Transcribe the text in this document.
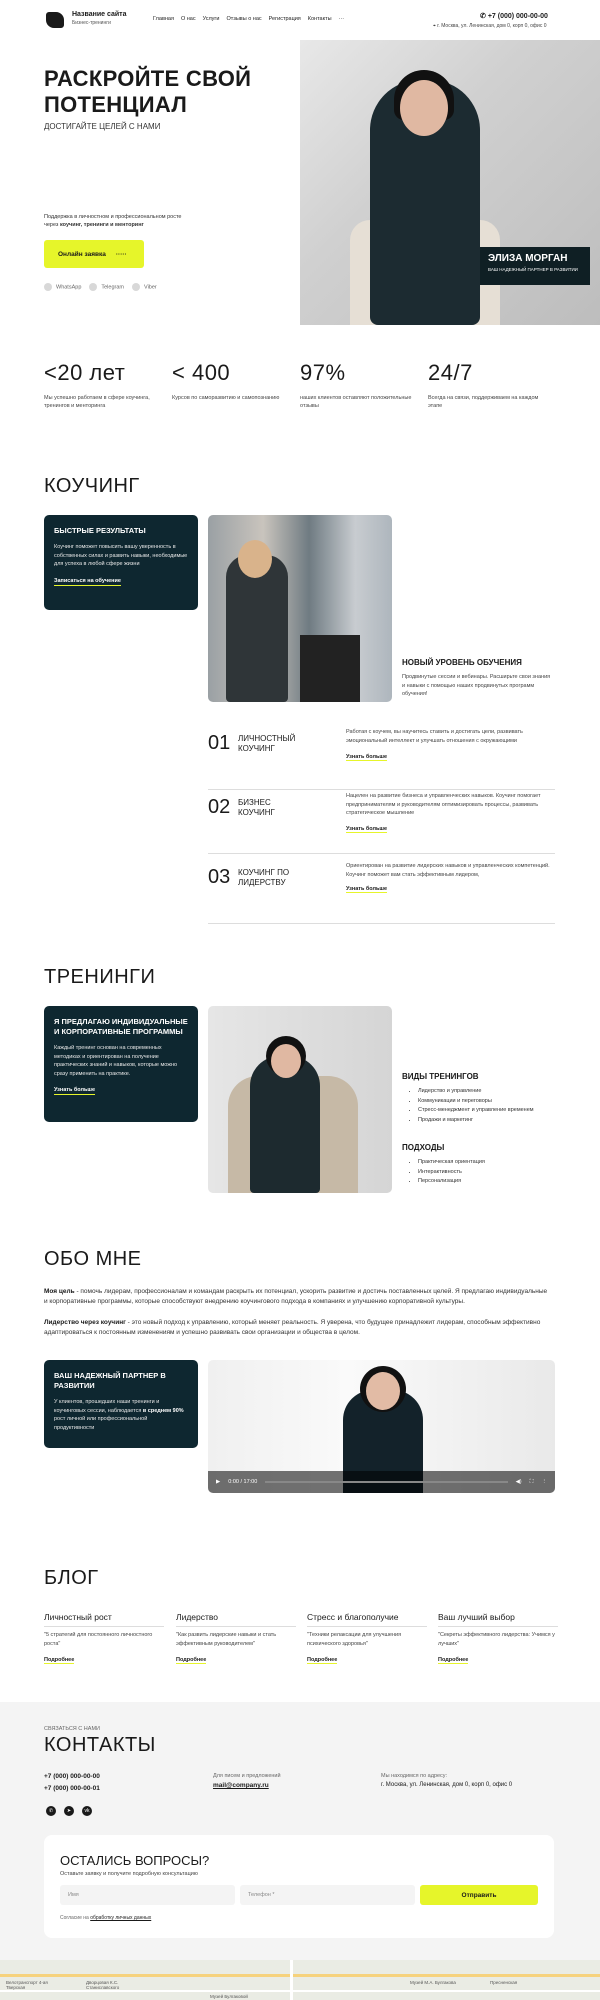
Название сайта
Бизнес-тренинги
Главная О нас Услуги Отзывы о нас Регистрация Контакты ···	✆ +7 (000) 000-00-00
⌖ г. Москва, ул. Ленинская, дом 0, корп 0, офис 0
РАСКРОЙТЕ СВОЙ ПОТЕНЦИАЛ
ДОСТИГАЙТЕ ЦЕЛЕЙ С НАМИ

Поддержка в личностном и профессиональном росте через коучинг, тренинги и менторинг

Онлайн заявка ·····
WhatsApp	Telegram	Viber
ЭЛИЗА МОРГАН
ВАШ НАДЕЖНЫЙ ПАРТНЕР В РАЗВИТИИ
<20 лет
Мы успешно работаем в сфере коучинга, тренингов и менторинга
< 400
Курсов по саморазвитию и самопознанию
97%
наших клиентов оставляют положительные отзывы
24/7
Всегда на связи, поддерживаем на каждом этапе
КОУЧИНГ
БЫСТРЫЕ РЕЗУЛЬТАТЫ
Коучинг поможет повысить вашу уверенность в собственных силах и развить навыки, необходимые для успеха в любой сфере жизни
Записаться на обучение
НОВЫЙ УРОВЕНЬ ОБУЧЕНИЯ
Продвинутые сессии и вебинары. Расширьте свои знания и навыки с помощью наших продвинутых программ обучения!
01 ЛИЧНОСТНЫЙ КОУЧИНГ
Работая с коучем, вы научитесь ставить и достигать цели, развивать эмоциональный интеллект и улучшать отношения с окружающими
Узнать больше
02 БИЗНЕС КОУЧИНГ
Нацелен на развитие бизнеса и управленческих навыков. Коучинг помогает предпринимателям и руководителям оптимизировать процессы, развивать стратегическое мышление
Узнать больше
03 КОУЧИНГ ПО ЛИДЕРСТВУ
Ориентирован на развитие лидерских навыков и управленческих компетенций. Коучинг поможет вам стать эффективным лидером,
Узнать больше
ТРЕНИНГИ
Я ПРЕДЛАГАЮ ИНДИВИДУАЛЬНЫЕ И КОРПОРАТИВНЫЕ ПРОГРАММЫ
Каждый тренинг основан на современных методиках и ориентирован на получение практических знаний и навыков, которые можно сразу применить на практике.
Узнать больше
ВИДЫ ТРЕНИНГОВ
• Лидерство и управление
• Коммуникации и переговоры
• Стресс-менеджмент и управление временем
• Продажи и маркетинг
ПОДХОДЫ
• Практическая ориентация
• Интерактивность
• Персонализация
ОБО МНЕ

Моя цель - помочь лидерам, профессионалам и командам раскрыть их потенциал, ускорить развитие и достичь поставленных целей. Я предлагаю индивидуальные и корпоративные программы, которые способствуют внедрению коучингового подхода в компаниях и улучшению корпоративной культуры.

Лидерство через коучинг - это новый подход к управлению, который меняет реальность. Я уверена, что будущее принадлежит лидерам, способным эффективно адаптироваться к постоянным изменениям и успешно развивать свои организации и общества в целом.

ВАШ НАДЕЖНЫЙ ПАРТНЕР В РАЗВИТИИ
У клиентов, прошедших наши тренинги и коучинговых сессии, наблюдается в среднем 90% рост личной или профессиональной продуктивности
▶ 0:00 / 17:00	◀) ⛶ ⋮
БЛОГ
Личностный рост
"5 стратегий для постоянного личностного роста"
Подробнее
Лидерство
"Как развить лидерские навыки и стать эффективным руководителем"
Подробнее
Стресс и благополучие
"Техники релаксации для улучшения психического здоровья"
Подробнее
Ваш лучший выбор
"Секреты эффективного лидерства: Учимся у лучших"
Подробнее
СВЯЗАТЬСЯ С НАМИ
КОНТАКТЫ
+7 (000) 000-00-00
+7 (000) 000-00-01
✆	➤	vk
Для писем и предложений
mail@company.ru
Мы находимся по адресу:
г. Москва, ул. Ленинская, дом 0, корп 0, офис 0
ОСТАЛИСЬ ВОПРОСЫ?
Оставьте заявку и получите подробную консультацию
Имя	Телефон *	Отправить
Согласие на обработку личных данных
Велотранспорт 4-ая Тверская
Дворцовая К.С. Станиславского
Музей Булгаковой
Музей М.А. Булгакова	Пресненская
